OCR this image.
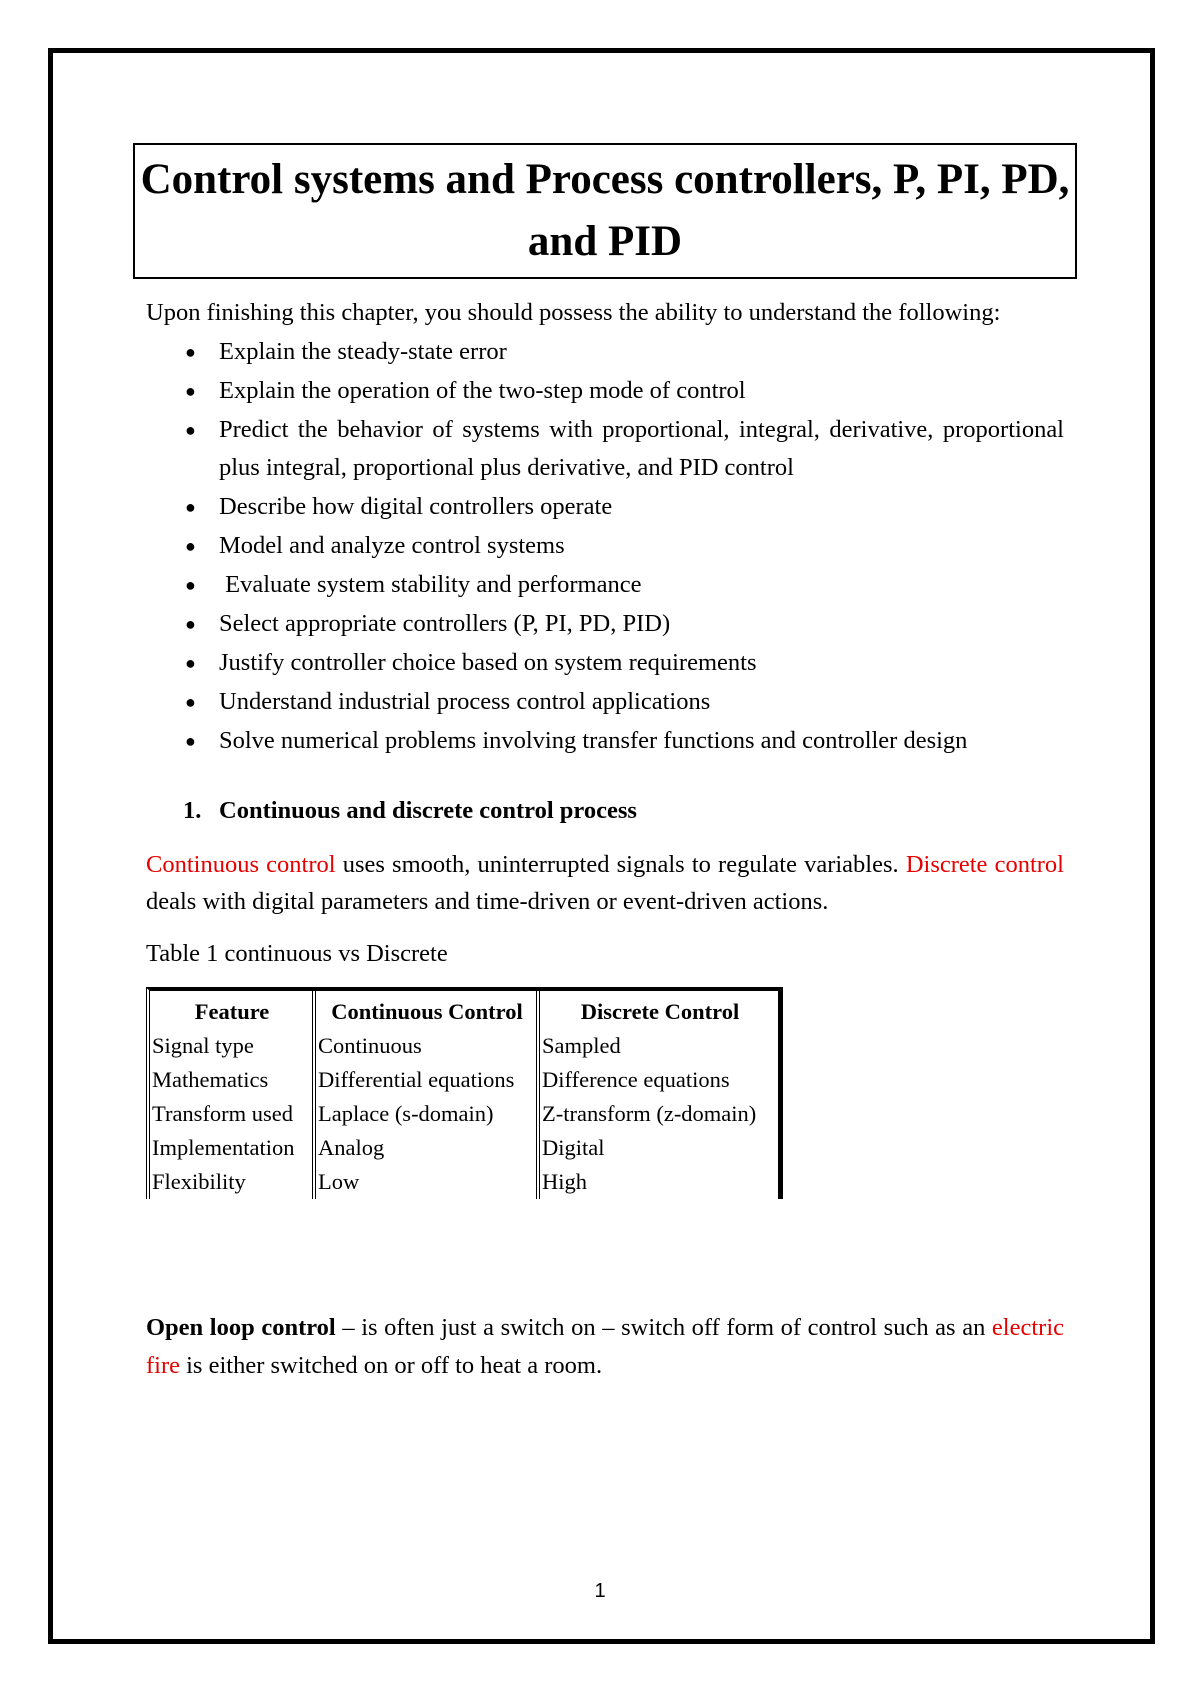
Control systems and Process controllers, P, PI, PD, and PID

Upon finishing this chapter, you should possess the ability to understand the following:

● Explain the steady-state error
● Explain the operation of the two-step mode of control
● Predict the behavior of systems with proportional, integral, derivative, proportional plus integral, proportional plus derivative, and PID control
● Describe how digital controllers operate
● Model and analyze control systems
● Evaluate system stability and performance
● Select appropriate controllers (P, PI, PD, PID)
● Justify controller choice based on system requirements
● Understand industrial process control applications
● Solve numerical problems involving transfer functions and controller design
1. Continuous and discrete control process
Continuous control uses smooth, uninterrupted signals to regulate variables. Discrete control deals with digital parameters and time-driven or event-driven actions.
Table 1 continuous vs Discrete
Feature	Continuous Control	Discrete Control
Signal type	Continuous	Sampled
Mathematics	Differential equations	Difference equations
Transform used	Laplace (s-domain)	Z-transform (z-domain)
Implementation	Analog	Digital
Flexibility	Low	High
Open loop control – is often just a switch on – switch off form of control such as an electric fire is either switched on or off to heat a room.
1
